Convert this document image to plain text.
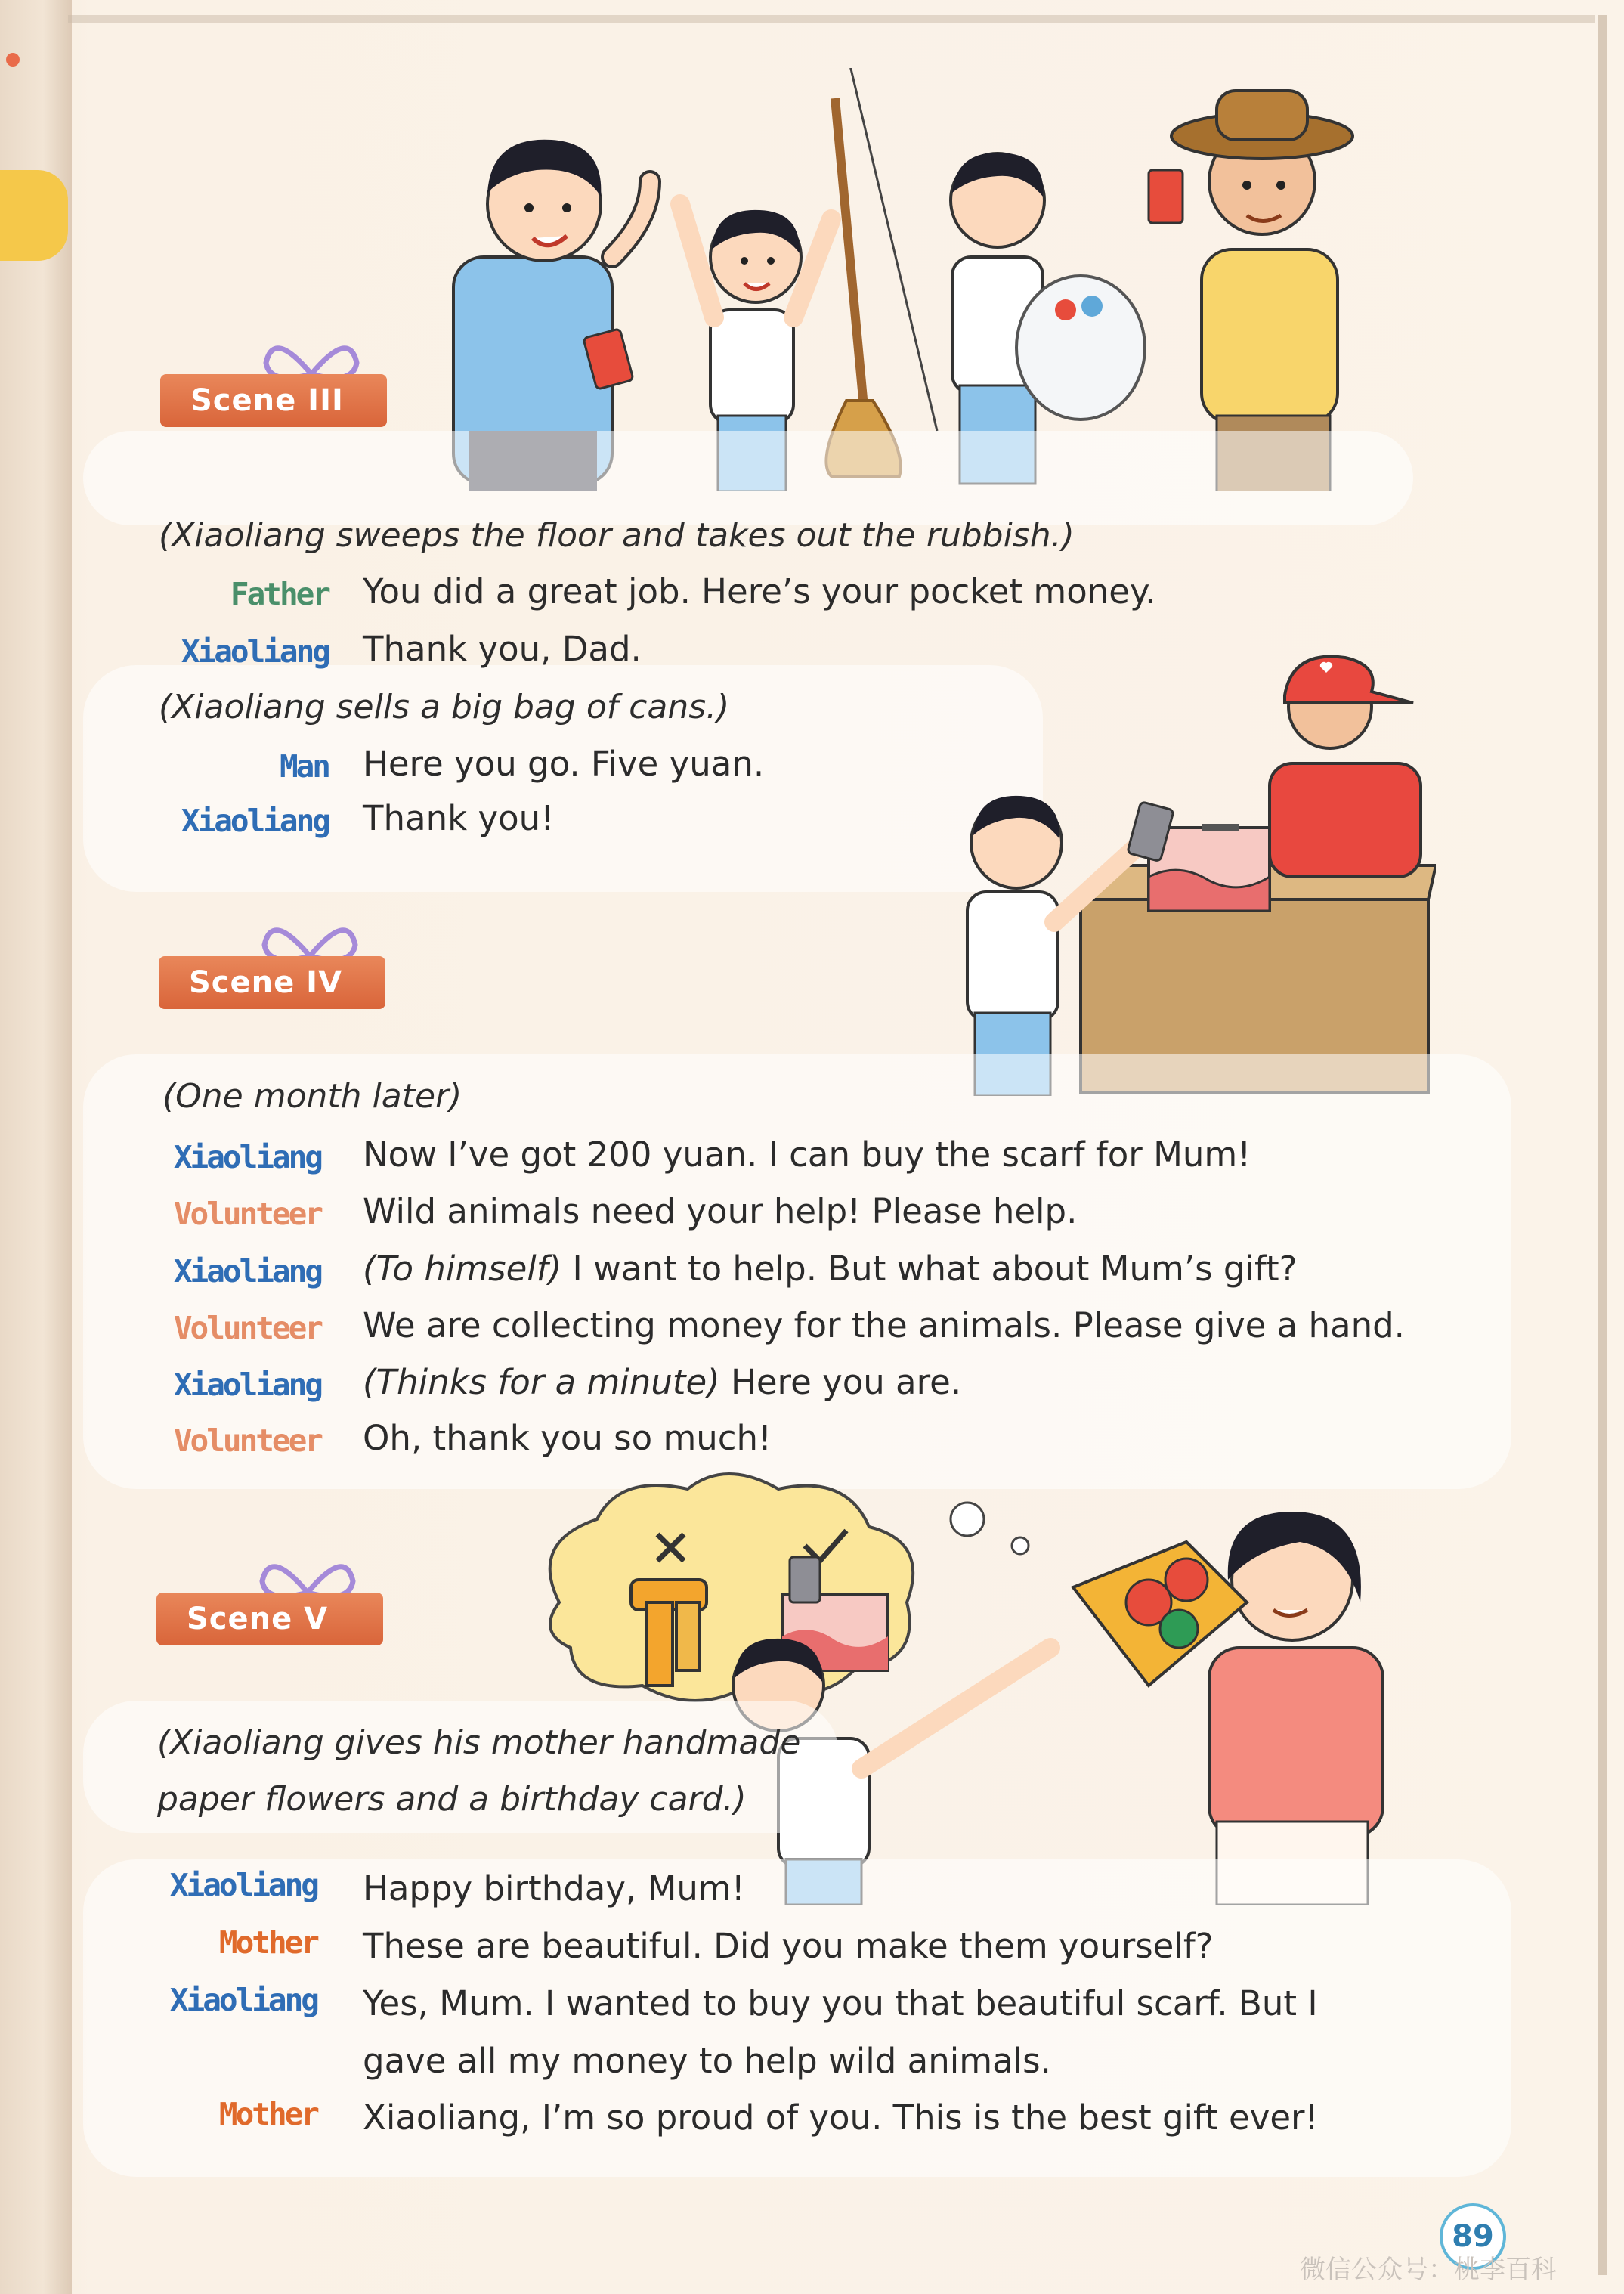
Scene III
(Xiaoliang sweeps the floor and takes out the rubbish.)
Father You did a great job. Here’s your pocket money.
Xiaoliang Thank you, Dad.
(Xiaoliang sells a big bag of cans.)
Man Here you go. Five yuan.
Xiaoliang Thank you!
Scene IV
(One month later)
Xiaoliang Now I’ve got 200 yuan. I can buy the scarf for Mum!
Volunteer Wild animals need your help! Please help.
Xiaoliang (To himself) I want to help. But what about Mum’s gift?
Volunteer We are collecting money for the animals. Please give a hand.
Xiaoliang (Thinks for a minute) Here you are.
Volunteer Oh, thank you so much!
Scene V
(Xiaoliang gives his mother handmade
paper flowers and a birthday card.)
Xiaoliang Happy birthday, Mum!
Mother These are beautiful. Did you make them yourself?
Xiaoliang Yes, Mum. I wanted to buy you that beautiful scarf. But I
gave all my money to help wild animals.
Mother Xiaoliang, I’m so proud of you. This is the best gift ever!
89
微信公众号：桃李百科
